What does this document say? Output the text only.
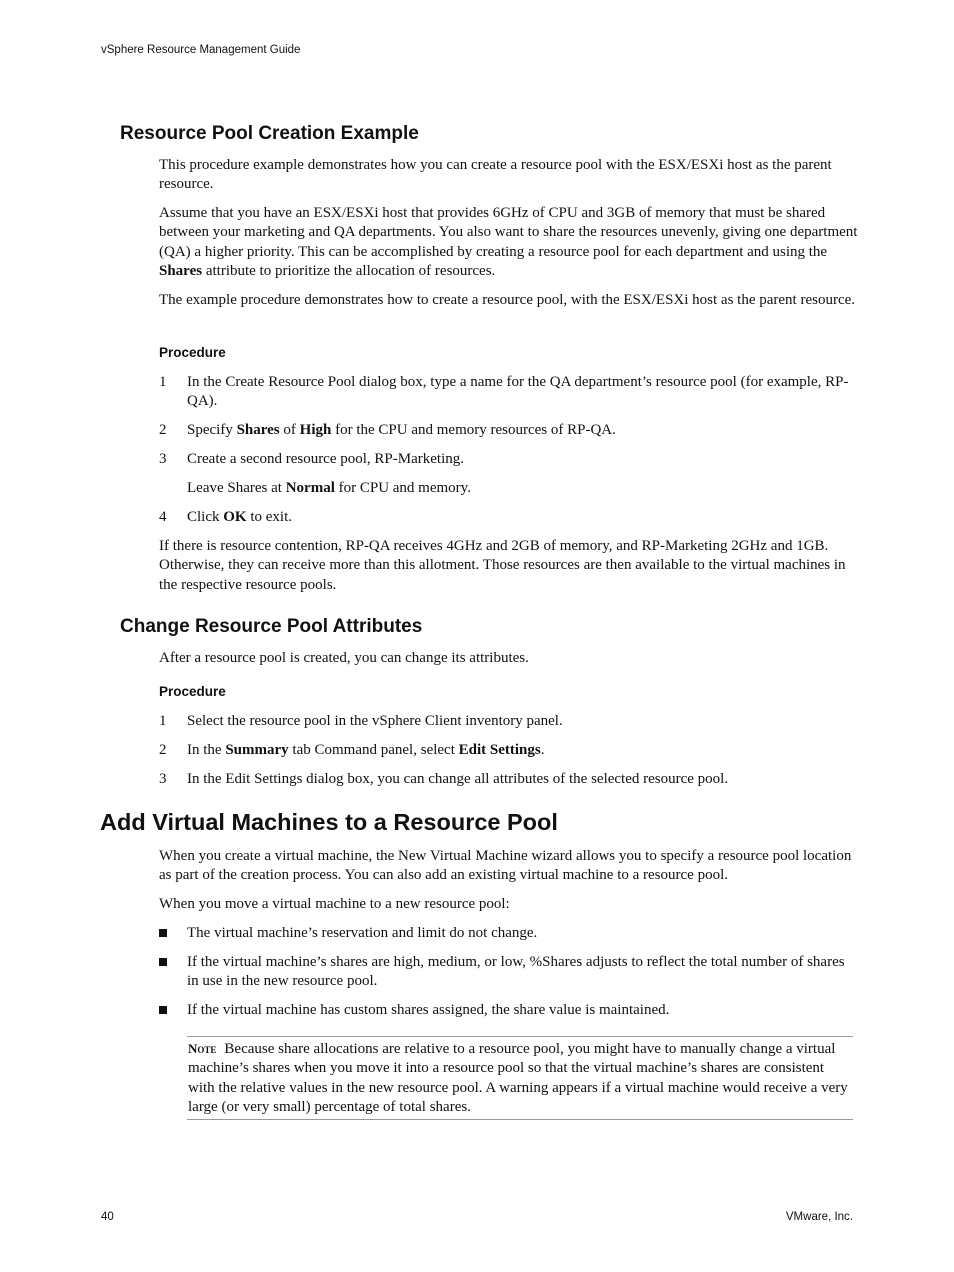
vSphere Resource Management Guide
Resource Pool Creation Example
This procedure example demonstrates how you can create a resource pool with the ESX/ESXi host as the parent resource.
Assume that you have an ESX/ESXi host that provides 6GHz of CPU and 3GB of memory that must be shared between your marketing and QA departments. You also want to share the resources unevenly, giving one department (QA) a higher priority. This can be accomplished by creating a resource pool for each department and using the Shares attribute to prioritize the allocation of resources.
The example procedure demonstrates how to create a resource pool, with the ESX/ESXi host as the parent resource.
Procedure
1	In the Create Resource Pool dialog box, type a name for the QA department’s resource pool (for example, RP-QA).
2	Specify Shares of High for the CPU and memory resources of RP-QA.
3	Create a second resource pool, RP-Marketing.
Leave Shares at Normal for CPU and memory.
4	Click OK to exit.
If there is resource contention, RP-QA receives 4GHz and 2GB of memory, and RP-Marketing 2GHz and 1GB. Otherwise, they can receive more than this allotment. Those resources are then available to the virtual machines in the respective resource pools.
Change Resource Pool Attributes
After a resource pool is created, you can change its attributes.
Procedure
1	Select the resource pool in the vSphere Client inventory panel.
2	In the Summary tab Command panel, select Edit Settings.
3	In the Edit Settings dialog box, you can change all attributes of the selected resource pool.
Add Virtual Machines to a Resource Pool
When you create a virtual machine, the New Virtual Machine wizard allows you to specify a resource pool location as part of the creation process. You can also add an existing virtual machine to a resource pool.
When you move a virtual machine to a new resource pool:
The virtual machine’s reservation and limit do not change.
If the virtual machine’s shares are high, medium, or low, %Shares adjusts to reflect the total number of shares in use in the new resource pool.
If the virtual machine has custom shares assigned, the share value is maintained.
Note Because share allocations are relative to a resource pool, you might have to manually change a virtual machine’s shares when you move it into a resource pool so that the virtual machine’s shares are consistent with the relative values in the new resource pool. A warning appears if a virtual machine would receive a very large (or very small) percentage of total shares.
40	VMware, Inc.
